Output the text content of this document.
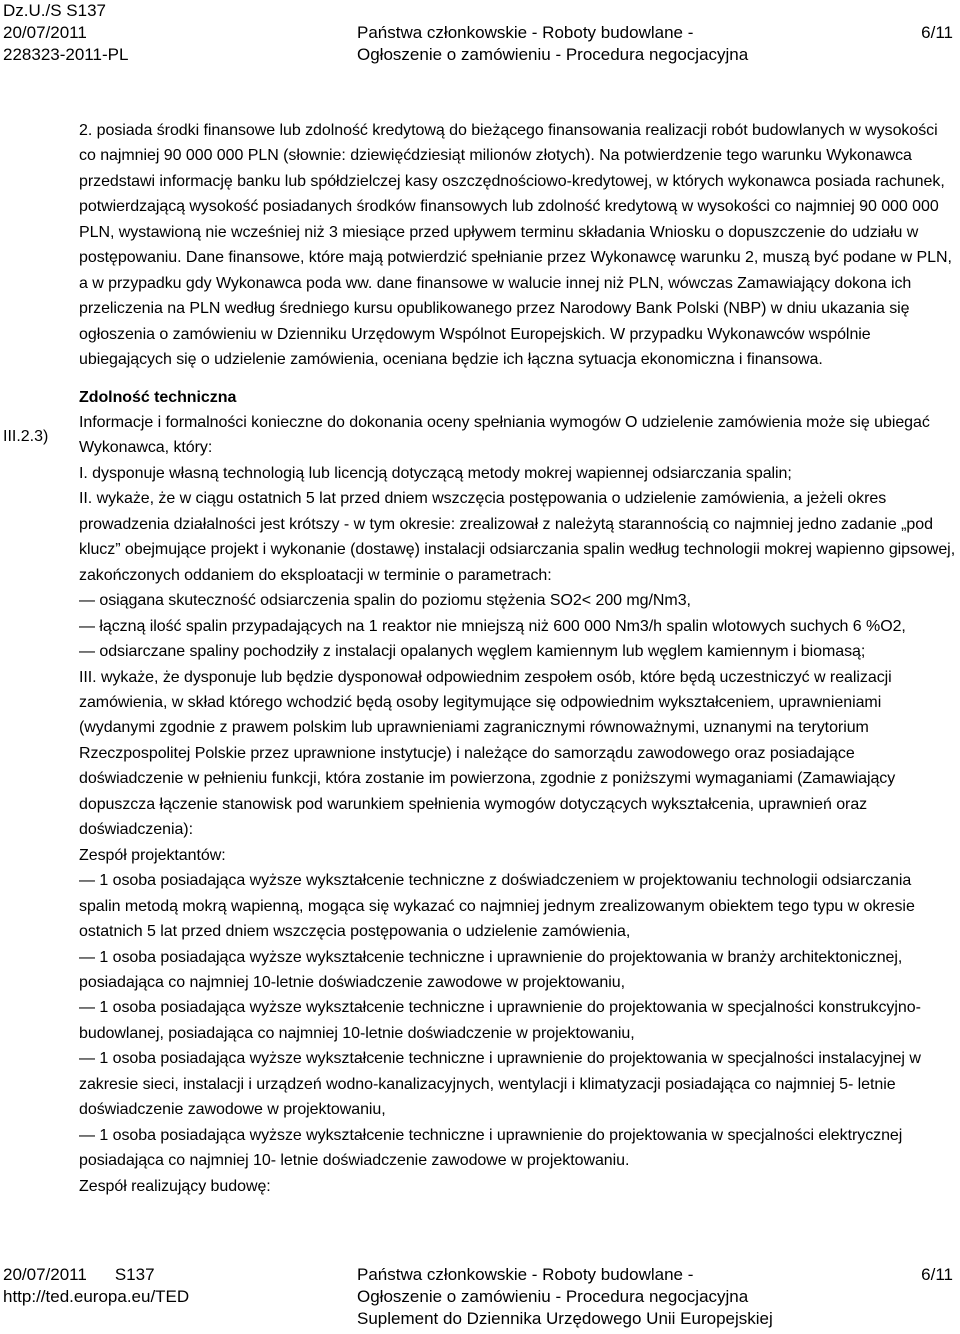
Dz.U./S S137
20/07/2011
228323-2011-PL
Państwa członkowskie - Roboty budowlane -
Ogłoszenie o zamówieniu - Procedura negocjacyjna
6/11
III.2.3)

2. posiada środki finansowe lub zdolność kredytową do bieżącego finansowania realizacji robót budowlanych w wysokości co najmniej 90 000 000 PLN (słownie: dziewięćdziesiąt milionów złotych). Na potwierdzenie tego warunku Wykonawca przedstawi informację banku lub spółdzielczej kasy oszczędnościowo-kredytowej, w których wykonawca posiada rachunek, potwierdzającą wysokość posiadanych środków finansowych lub zdolność kredytową w wysokości co najmniej 90 000 000 PLN, wystawioną nie wcześniej niż 3 miesiące przed upływem terminu składania Wniosku o dopuszczenie do udziału w postępowaniu. Dane finansowe, które mają potwierdzić spełnianie przez Wykonawcę warunku 2, muszą być podane w PLN, a w przypadku gdy Wykonawca poda ww. dane finansowe w walucie innej niż PLN, wówczas Zamawiający dokona ich przeliczenia na PLN według średniego kursu opublikowanego przez Narodowy Bank Polski (NBP) w dniu ukazania się ogłoszenia o zamówieniu w Dzienniku Urzędowym Wspólnot Europejskich. W przypadku Wykonawców wspólnie ubiegających się o udzielenie zamówienia, oceniana będzie ich łączna sytuacja ekonomiczna i finansowa.

Zdolność techniczna

Informacje i formalności konieczne do dokonania oceny spełniania wymogów O udzielenie zamówienia może się ubiegać Wykonawca, który:

I. dysponuje własną technologią lub licencją dotyczącą metody mokrej wapiennej odsiarczania spalin;

II. wykaże, że w ciągu ostatnich 5 lat przed dniem wszczęcia postępowania o udzielenie zamówienia, a jeżeli okres prowadzenia działalności jest krótszy - w tym okresie: zrealizował z należytą starannością co najmniej jedno zadanie „pod klucz” obejmujące projekt i wykonanie (dostawę) instalacji odsiarczania spalin według technologii mokrej wapienno gipsowej, zakończonych oddaniem do eksploatacji w terminie o parametrach:

— osiągana skuteczność odsiarczenia spalin do poziomu stężenia SO2< 200 mg/Nm3,

— łączną ilość spalin przypadających na 1 reaktor nie mniejszą niż 600 000 Nm3/h spalin wlotowych suchych 6 %O2,

— odsiarczane spaliny pochodziły z instalacji opalanych węglem kamiennym lub węglem kamiennym i biomasą;

III. wykaże, że dysponuje lub będzie dysponował odpowiednim zespołem osób, które będą uczestniczyć w realizacji zamówienia, w skład którego wchodzić będą osoby legitymujące się odpowiednim wykształceniem, uprawnieniami (wydanymi zgodnie z prawem polskim lub uprawnieniami zagranicznymi równoważnymi, uznanymi na terytorium Rzeczpospolitej Polskie przez uprawnione instytucje) i należące do samorządu zawodowego oraz posiadające doświadczenie w pełnieniu funkcji, która zostanie im powierzona, zgodnie z poniższymi wymaganiami (Zamawiający dopuszcza łączenie stanowisk pod warunkiem spełnienia wymogów dotyczących wykształcenia, uprawnień oraz doświadczenia):

Zespół projektantów:

— 1 osoba posiadająca wyższe wykształcenie techniczne z doświadczeniem w projektowaniu technologii odsiarczania spalin metodą mokrą wapienną, mogąca się wykazać co najmniej jednym zrealizowanym obiektem tego typu w okresie ostatnich 5 lat przed dniem wszczęcia postępowania o udzielenie zamówienia,

— 1 osoba posiadająca wyższe wykształcenie techniczne i uprawnienie do projektowania w branży architektonicznej, posiadająca co najmniej 10-letnie doświadczenie zawodowe w projektowaniu,

— 1 osoba posiadająca wyższe wykształcenie techniczne i uprawnienie do projektowania w specjalności konstrukcyjno-budowlanej, posiadająca co najmniej 10-letnie doświadczenie w projektowaniu,

— 1 osoba posiadająca wyższe wykształcenie techniczne i uprawnienie do projektowania w specjalności instalacyjnej w zakresie sieci, instalacji i urządzeń wodno-kanalizacyjnych, wentylacji i klimatyzacji posiadająca co najmniej 5- letnie doświadczenie zawodowe w projektowaniu,

— 1 osoba posiadająca wyższe wykształcenie techniczne i uprawnienie do projektowania w specjalności elektrycznej posiadająca co najmniej 10- letnie doświadczenie zawodowe w projektowaniu.

Zespół realizujący budowę:

20/07/2011 S137
http://ted.europa.eu/TED
Państwa członkowskie - Roboty budowlane -
Ogłoszenie o zamówieniu - Procedura negocjacyjna
Suplement do Dziennika Urzędowego Unii Europejskiej
6/11
